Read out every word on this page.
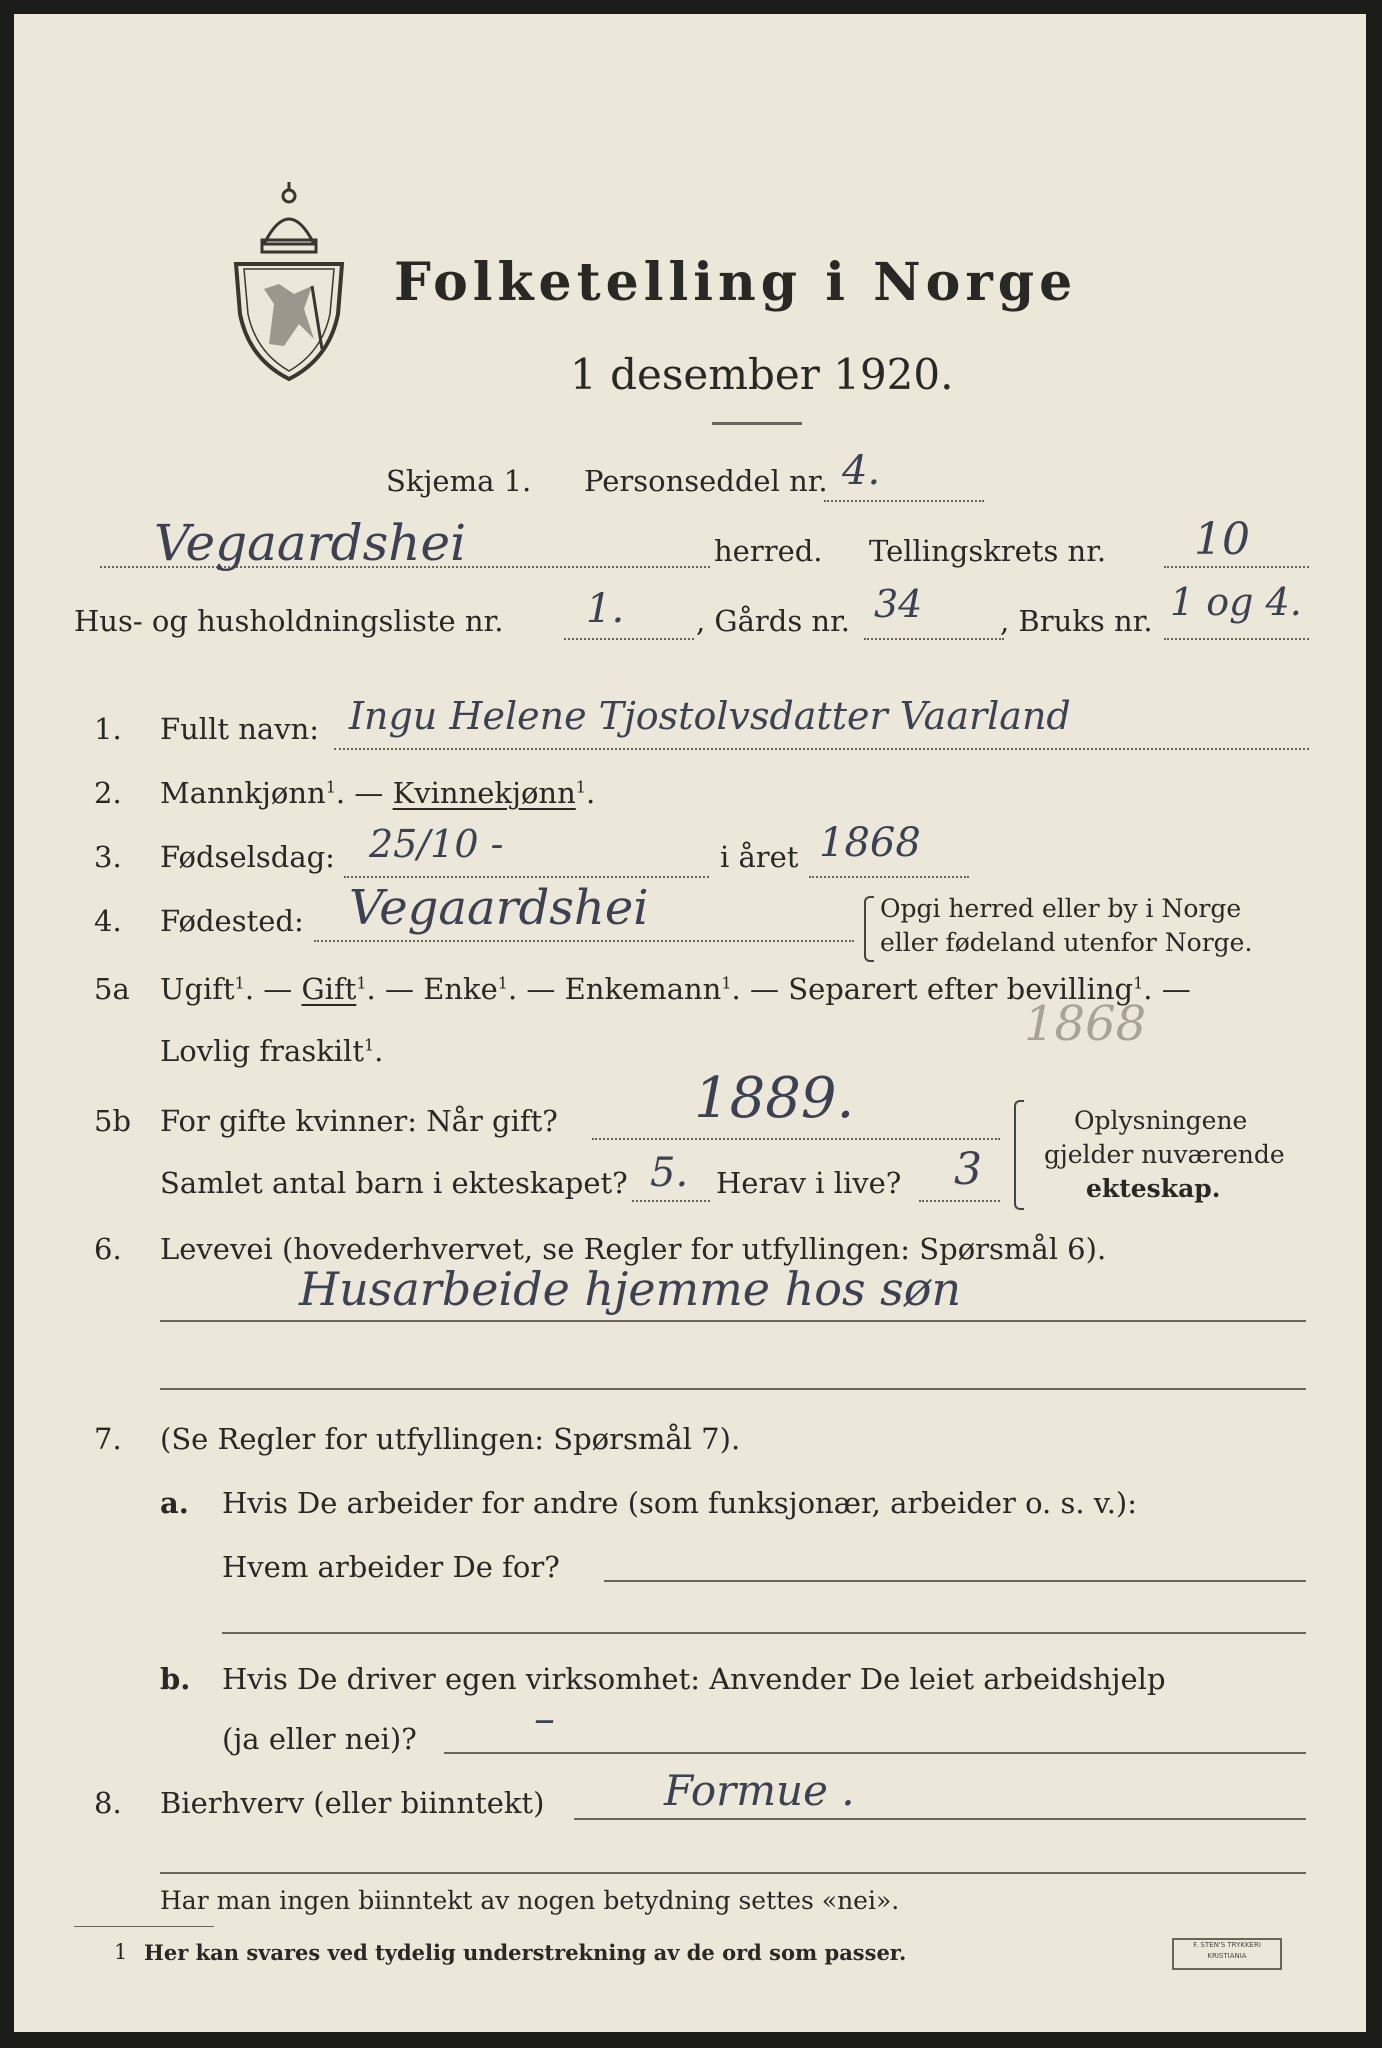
Folketelling i Norge
1 desember 1920.
Skjema 1. Personseddel nr. 4.
Vegaardshei	herred. Tellingskrets nr. 10
Hus- og husholdningsliste nr. 1. , Gårds nr. 34	, Bruks nr. 1 og 4.
1. Fullt navn: Ingu Helene Tjostolvsdatter Vaarland
2. Mannkjønn$^1$. — Kvinnekjønn$^1$.
3. Fødselsdag: 25/10 -	i året 1868
4. Fødested: Vegaardshei	Opgi herred eller by i Norge
eller fødeland utenfor Norge.
5a Ugift$^1$. — Gift$^1$. — Enke$^1$. — Enkemann$^1$. — Separert efter bevilling$^1$. —
Lovlig fraskilt$^1$.	1868
5b For gifte kvinner: Når gift? 1889.
Samlet antal barn i ekteskapet? 5. Herav i live? 3
Oplysningene
gjelder nuværende
ekteskap.
6. Levevei (hovederhvervet, se Regler for utfyllingen: Spørsmål 6).
Husarbeide hjemme hos søn
7. (Se Regler for utfyllingen: Spørsmål 7).
a. Hvis De arbeider for andre (som funksjonær, arbeider o. s. v.):
Hvem arbeider De for?
b. Hvis De driver egen virksomhet: Anvender De leiet arbeidshjelp
(ja eller nei)?	–
8. Bierhverv (eller biinntekt)	Formue .
Har man ingen biinntekt av nogen betydning settes «nei».
1 Her kan svares ved tydelig understrekning av de ord som passer.	F. STEN'S TRYKKERI
KRISTIANIA
